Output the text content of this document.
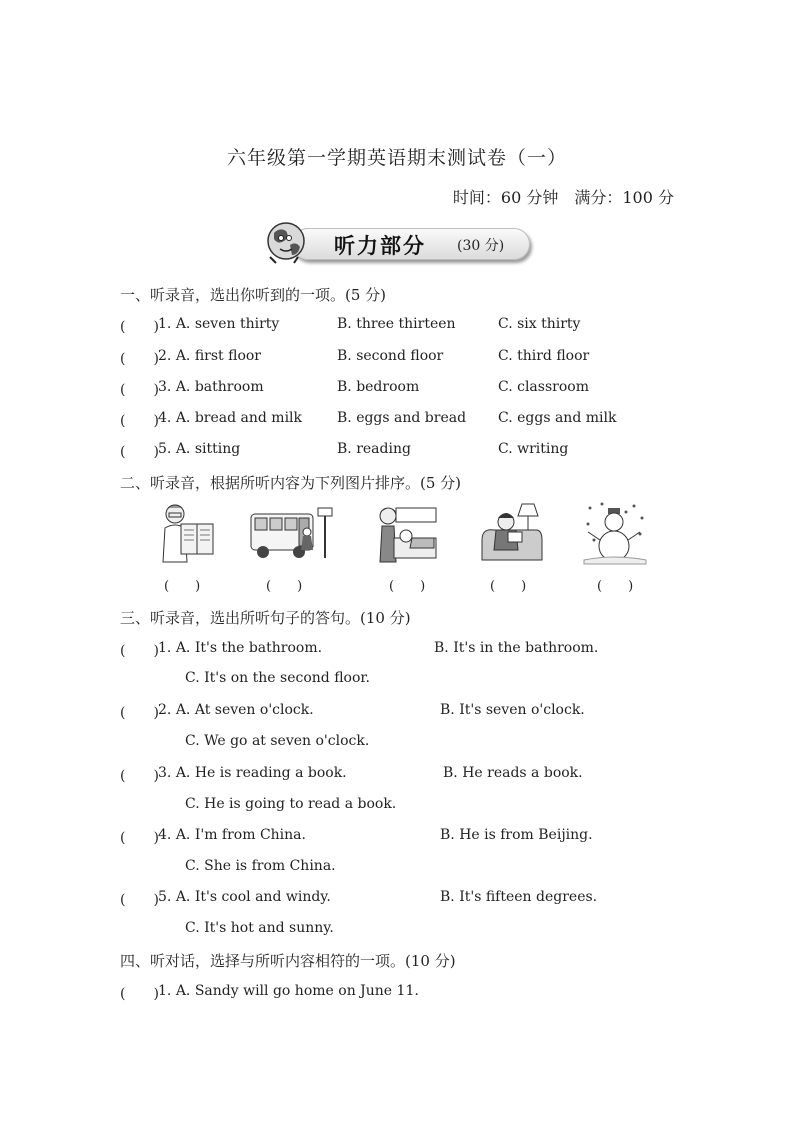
六年级第一学期英语期末测试卷（一）
时间：60 分钟　满分：100 分
听力部分 (30 分)
一、听录音，选出你听到的一项。(5 分)
(　　) 1. A. seven thirty	B. three thirteen	C. six thirty
(　　) 2. A. first floor	B. second floor	C. third floor
(　　) 3. A. bathroom	B. bedroom	C. classroom
(　　) 4. A. bread and milk B. eggs and bread C. eggs and milk
(　　) 5. A. sitting	B. reading	C. writing
二、听录音，根据所听内容为下列图片排序。(5 分)
(　　)	(　　)	(　　)	(　　)	(　　)
三、听录音，选出所听句子的答句。(10 分)
(　　) 1. A. It's the bathroom.	B. It's in the bathroom.
C. It's on the second floor.
(　　) 2. A. At seven o'clock.	B. It's seven o'clock.
C. We go at seven o'clock.
(　　) 3. A. He is reading a book.	B. He reads a book.
C. He is going to read a book.
(　　) 4. A. I'm from China.	B. He is from Beijing.
C. She is from China.
(　　) 5. A. It's cool and windy.	B. It's fifteen degrees.
C. It's hot and sunny.
四、听对话，选择与所听内容相符的一项。(10 分)
(　　) 1. A. Sandy will go home on June 11.
